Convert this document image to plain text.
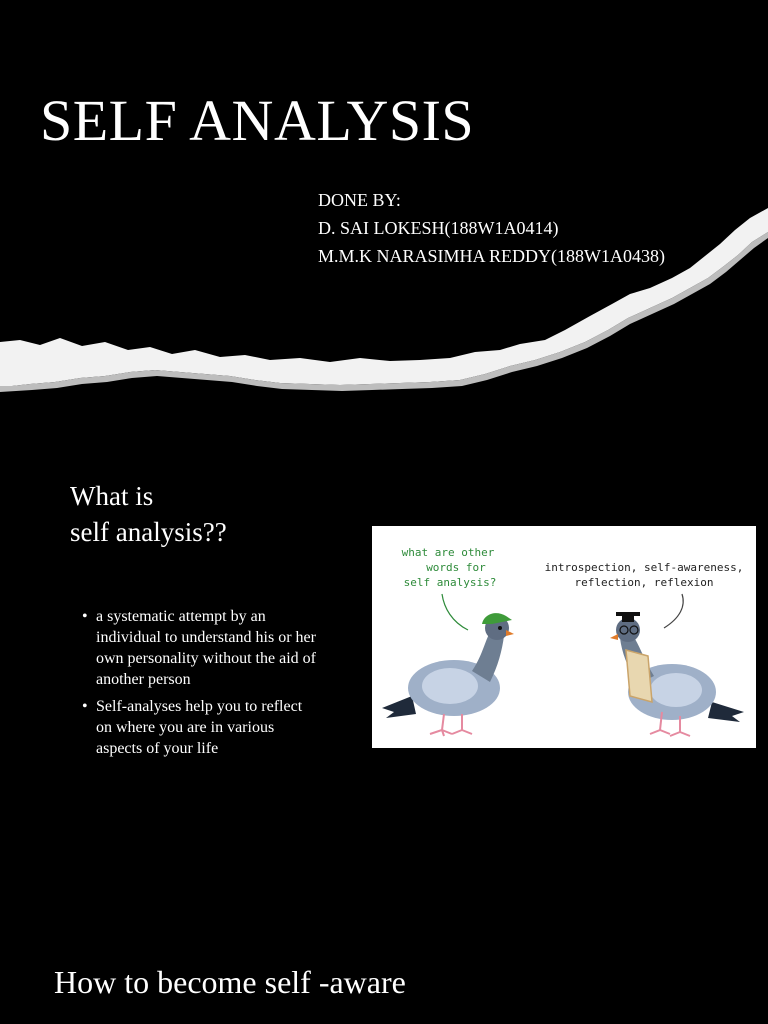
SELF ANALYSIS
DONE BY:
D. SAI LOKESH(188W1A0414)
M.M.K NARASIMHA REDDY(188W1A0438)
What is
self analysis??
• a systematic attempt by an individual to understand his or her own personality without the aid of another person
• Self-analyses help you to reflect on where you are in various aspects of your life
what are other
words for
self analysis?
introspection, self-awareness,
reflection, reflexion
How to become self -aware
